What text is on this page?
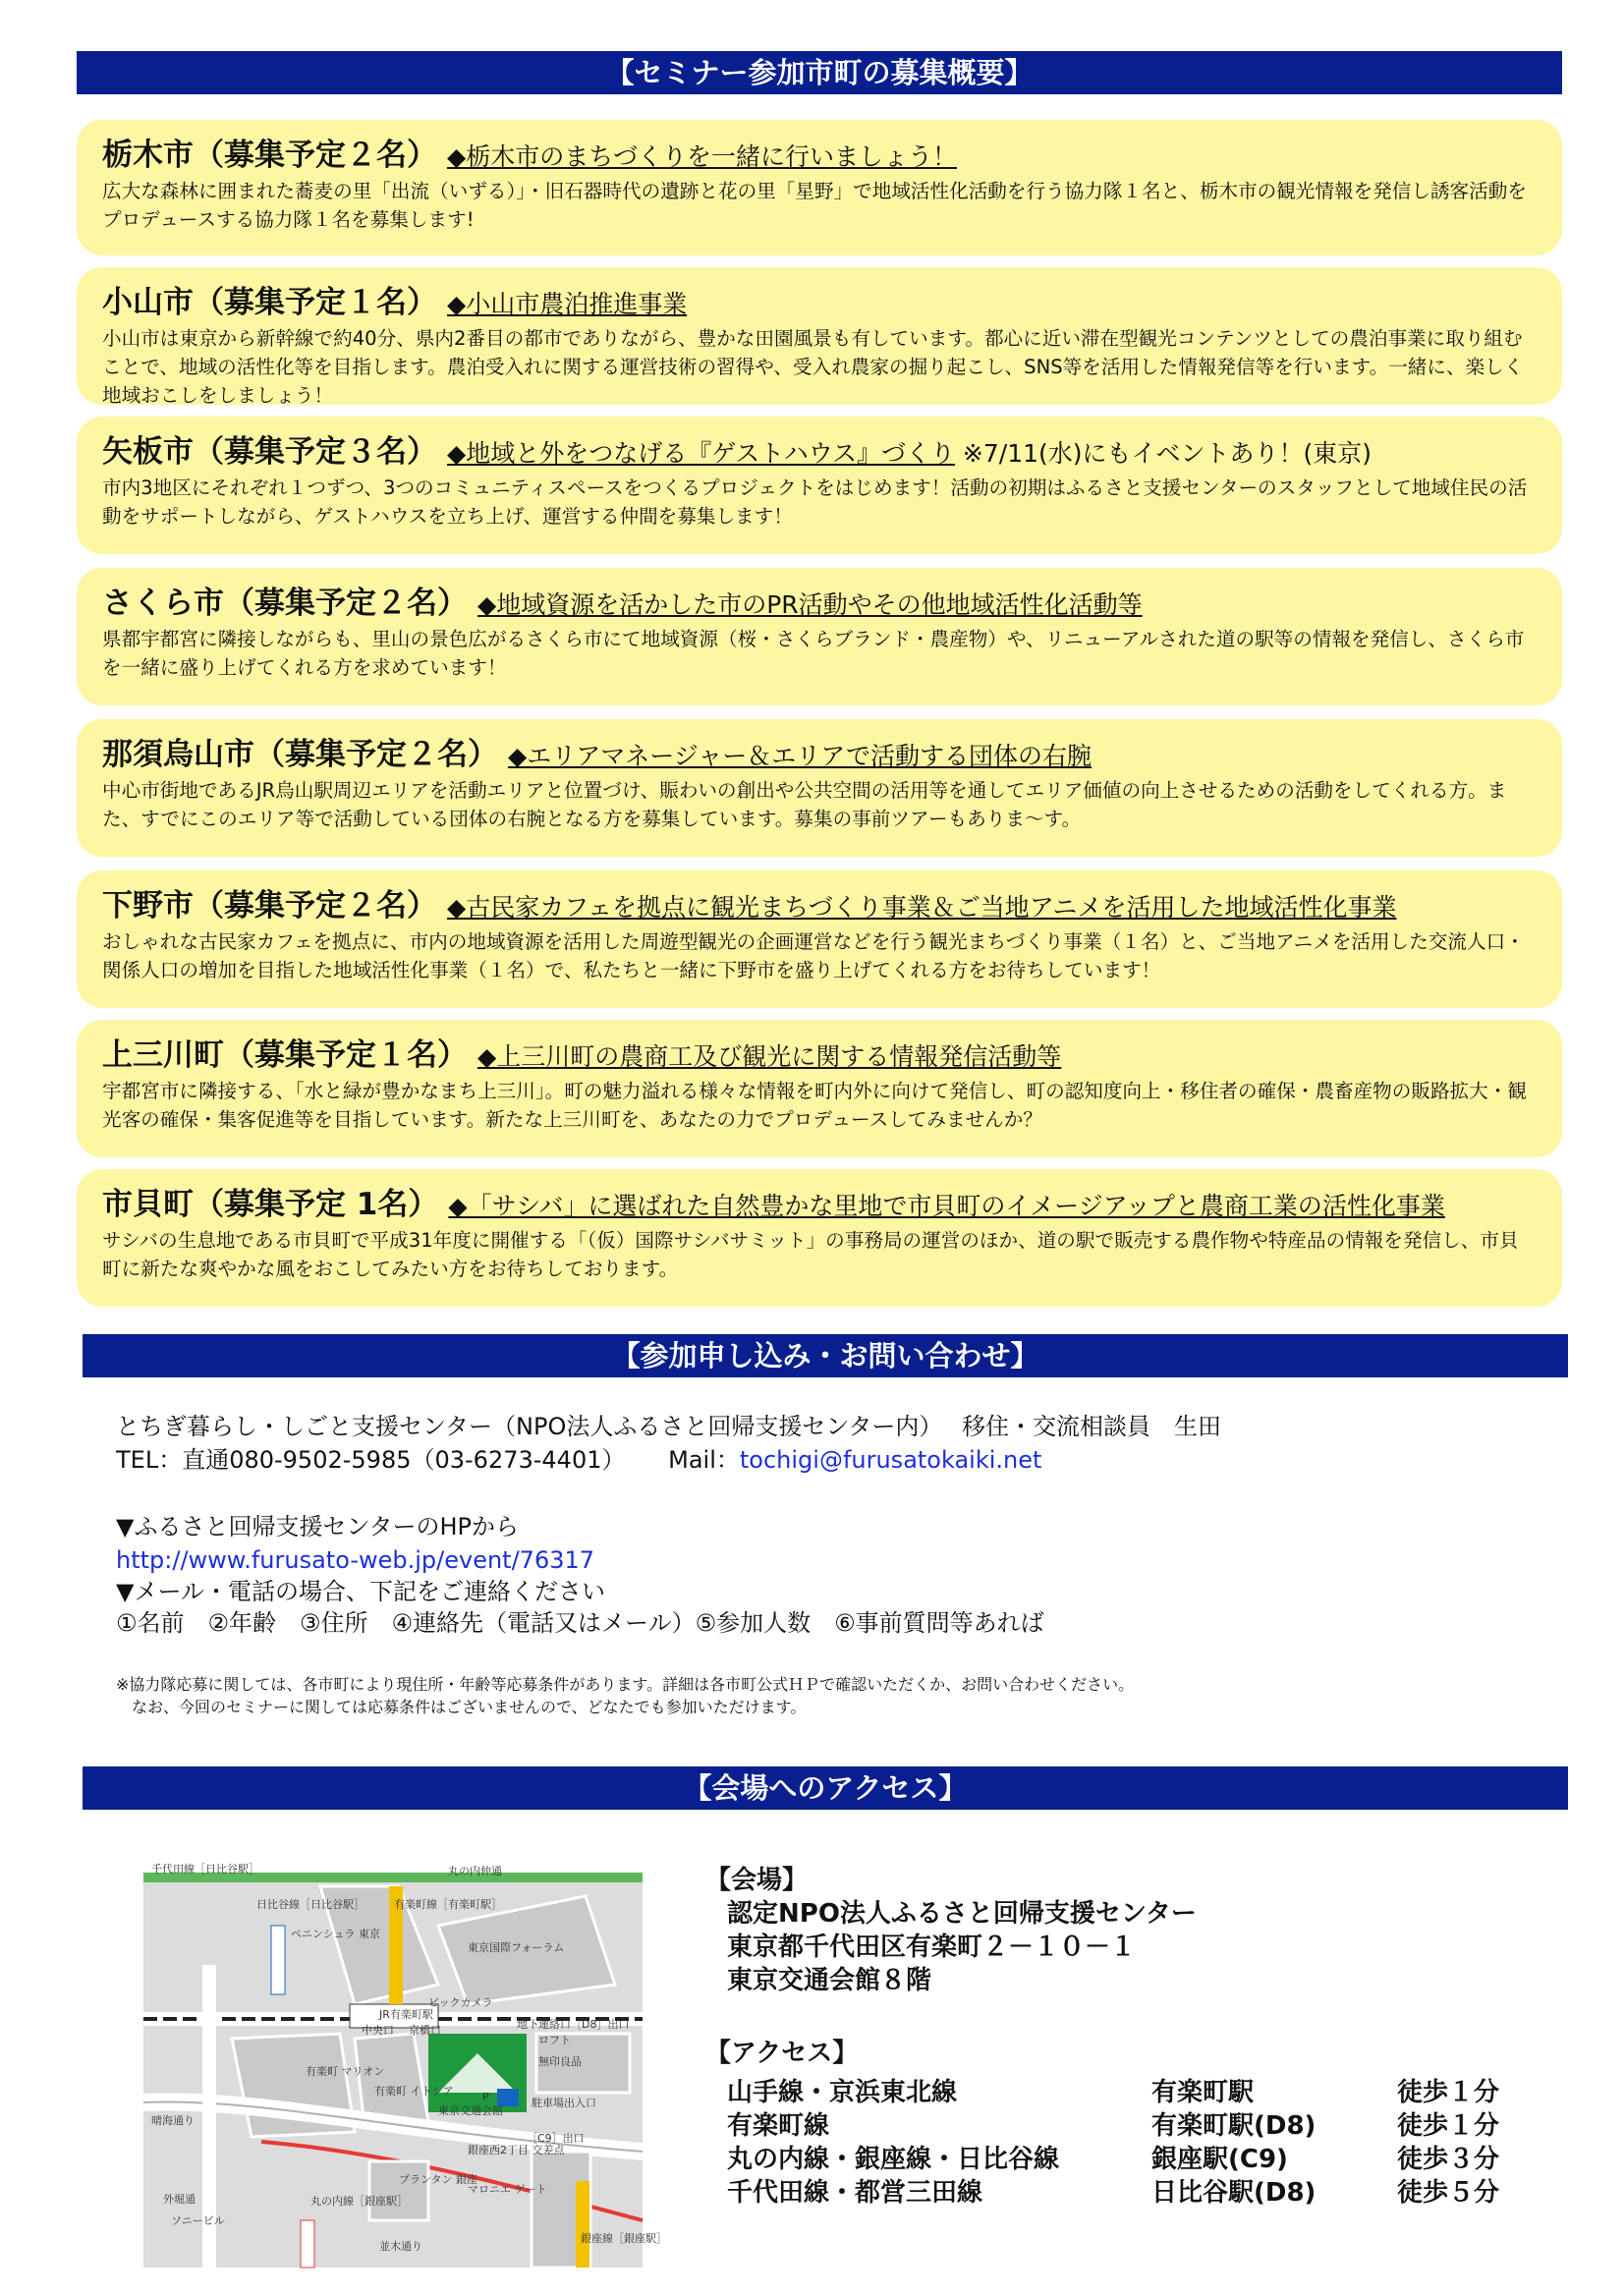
【セミナー参加市町の募集概要】
栃木市（募集予定２名） ◆栃木市のまちづくりを一緒に行いましょう！
広大な森林に囲まれた蕎麦の里「出流（いずる）」・旧石器時代の遺跡と花の里「星野」で地域活性化活動を行う協力隊１名と、栃木市の観光情報を発信し誘客活動をプロデュースする協力隊１名を募集します!
小山市（募集予定１名） ◆小山市農泊推進事業
小山市は東京から新幹線で約40分、県内2番目の都市でありながら、豊かな田園風景も有しています。都心に近い滞在型観光コンテンツとしての農泊事業に取り組むことで、地域の活性化等を目指します。農泊受入れに関する運営技術の習得や、受入れ農家の掘り起こし、SNS等を活用した情報発信等を行います。一緒に、楽しく地域おこしをしましょう！
矢板市（募集予定３名） ◆地域と外をつなげる『ゲストハウス』づくり ※7/11(水)にもイベントあり！(東京)
市内3地区にそれぞれ１つずつ、3つのコミュニティスペースをつくるプロジェクトをはじめます！活動の初期はふるさと支援センターのスタッフとして地域住民の活動をサポートしながら、ゲストハウスを立ち上げ、運営する仲間を募集します！
さくら市（募集予定２名） ◆地域資源を活かした市のPR活動やその他地域活性化活動等
県都宇都宮に隣接しながらも、里山の景色広がるさくら市にて地域資源（桜・さくらブランド・農産物）や、リニューアルされた道の駅等の情報を発信し、さくら市を一緒に盛り上げてくれる方を求めています！
那須烏山市（募集予定２名） ◆エリアマネージャー＆エリアで活動する団体の右腕
中心市街地であるJR烏山駅周辺エリアを活動エリアと位置づけ、賑わいの創出や公共空間の活用等を通してエリア価値の向上させるための活動をしてくれる方。また、すでにこのエリア等で活動している団体の右腕となる方を募集しています。募集の事前ツアーもありま～す。
下野市（募集予定２名） ◆古民家カフェを拠点に観光まちづくり事業＆ご当地アニメを活用した地域活性化事業
おしゃれな古民家カフェを拠点に、市内の地域資源を活用した周遊型観光の企画運営などを行う観光まちづくり事業（１名）と、ご当地アニメを活用した交流人口・関係人口の増加を目指した地域活性化事業（１名）で、私たちと一緒に下野市を盛り上げてくれる方をお待ちしています！
上三川町（募集予定１名） ◆上三川町の農商工及び観光に関する情報発信活動等
宇都宮市に隣接する、「水と緑が豊かなまち上三川」。町の魅力溢れる様々な情報を町内外に向けて発信し、町の認知度向上・移住者の確保・農畜産物の販路拡大・観光客の確保・集客促進等を目指しています。新たな上三川町を、あなたの力でプロデュースしてみませんか？
市貝町（募集予定 1名） ◆「サシバ」に選ばれた自然豊かな里地で市貝町のイメージアップと農商工業の活性化事業
サシバの生息地である市貝町で平成31年度に開催する「（仮）国際サシバサミット」の事務局の運営のほか、道の駅で販売する農作物や特産品の情報を発信し、市貝町に新たな爽やかな風をおこしてみたい方をお待ちしております。
【参加申し込み・お問い合わせ】
とちぎ暮らし・しごと支援センター（NPO法人ふるさと回帰支援センター内）　 移住・交流相談員　生田
TEL：直通080-9502-5985（03-6273-4401）　　 Mail：tochigi@furusatokaiki.net
▼ふるさと回帰支援センターのHPから
http://www.furusato-web.jp/event/76317
▼メール・電話の場合、下記をご連絡ください
①名前　②年齢　③住所　④連絡先（電話又はメール）⑤参加人数　⑥事前質問等あれば
※協力隊応募に関しては、各市町により現住所・年齢等応募条件があります。詳細は各市町公式ＨＰで確認いただくか、お問い合わせください。
　なお、今回のセミナーに関しては応募条件はございませんので、どなたでも参加いただけます。
【会場へのアクセス】
千代田線［日比谷駅］	丸の内仲通
日比谷線［日比谷駅］	有楽町線［有楽町駅］
東京国際フォーラム
ペニンシュラ 東京
ビックカメラ
JR有楽町駅
中央口 京橋口	地下連絡口［D8］出口
ロフト
無印良品
駐車場出入口
晴海通り
有楽町 マリオン
有楽町 イトシア
東京交通会館
銀座西2丁目 交差点
［C9］出口
外堀通
ソニービル
丸の内線［銀座駅］
プランタン 銀座
マロニエ ゲート
並木通り
銀座線［銀座駅］
P
【会場】
認定NPO法人ふるさと回帰支援センター
東京都千代田区有楽町２－１０－１
東京交通会館８階
【アクセス】
山手線・京浜東北線	有楽町駅	徒歩１分
有楽町線	有楽町駅(D8)	徒歩１分
丸の内線・銀座線・日比谷線	銀座駅(C9)	徒歩３分
千代田線・都営三田線	日比谷駅(D8)	徒歩５分
